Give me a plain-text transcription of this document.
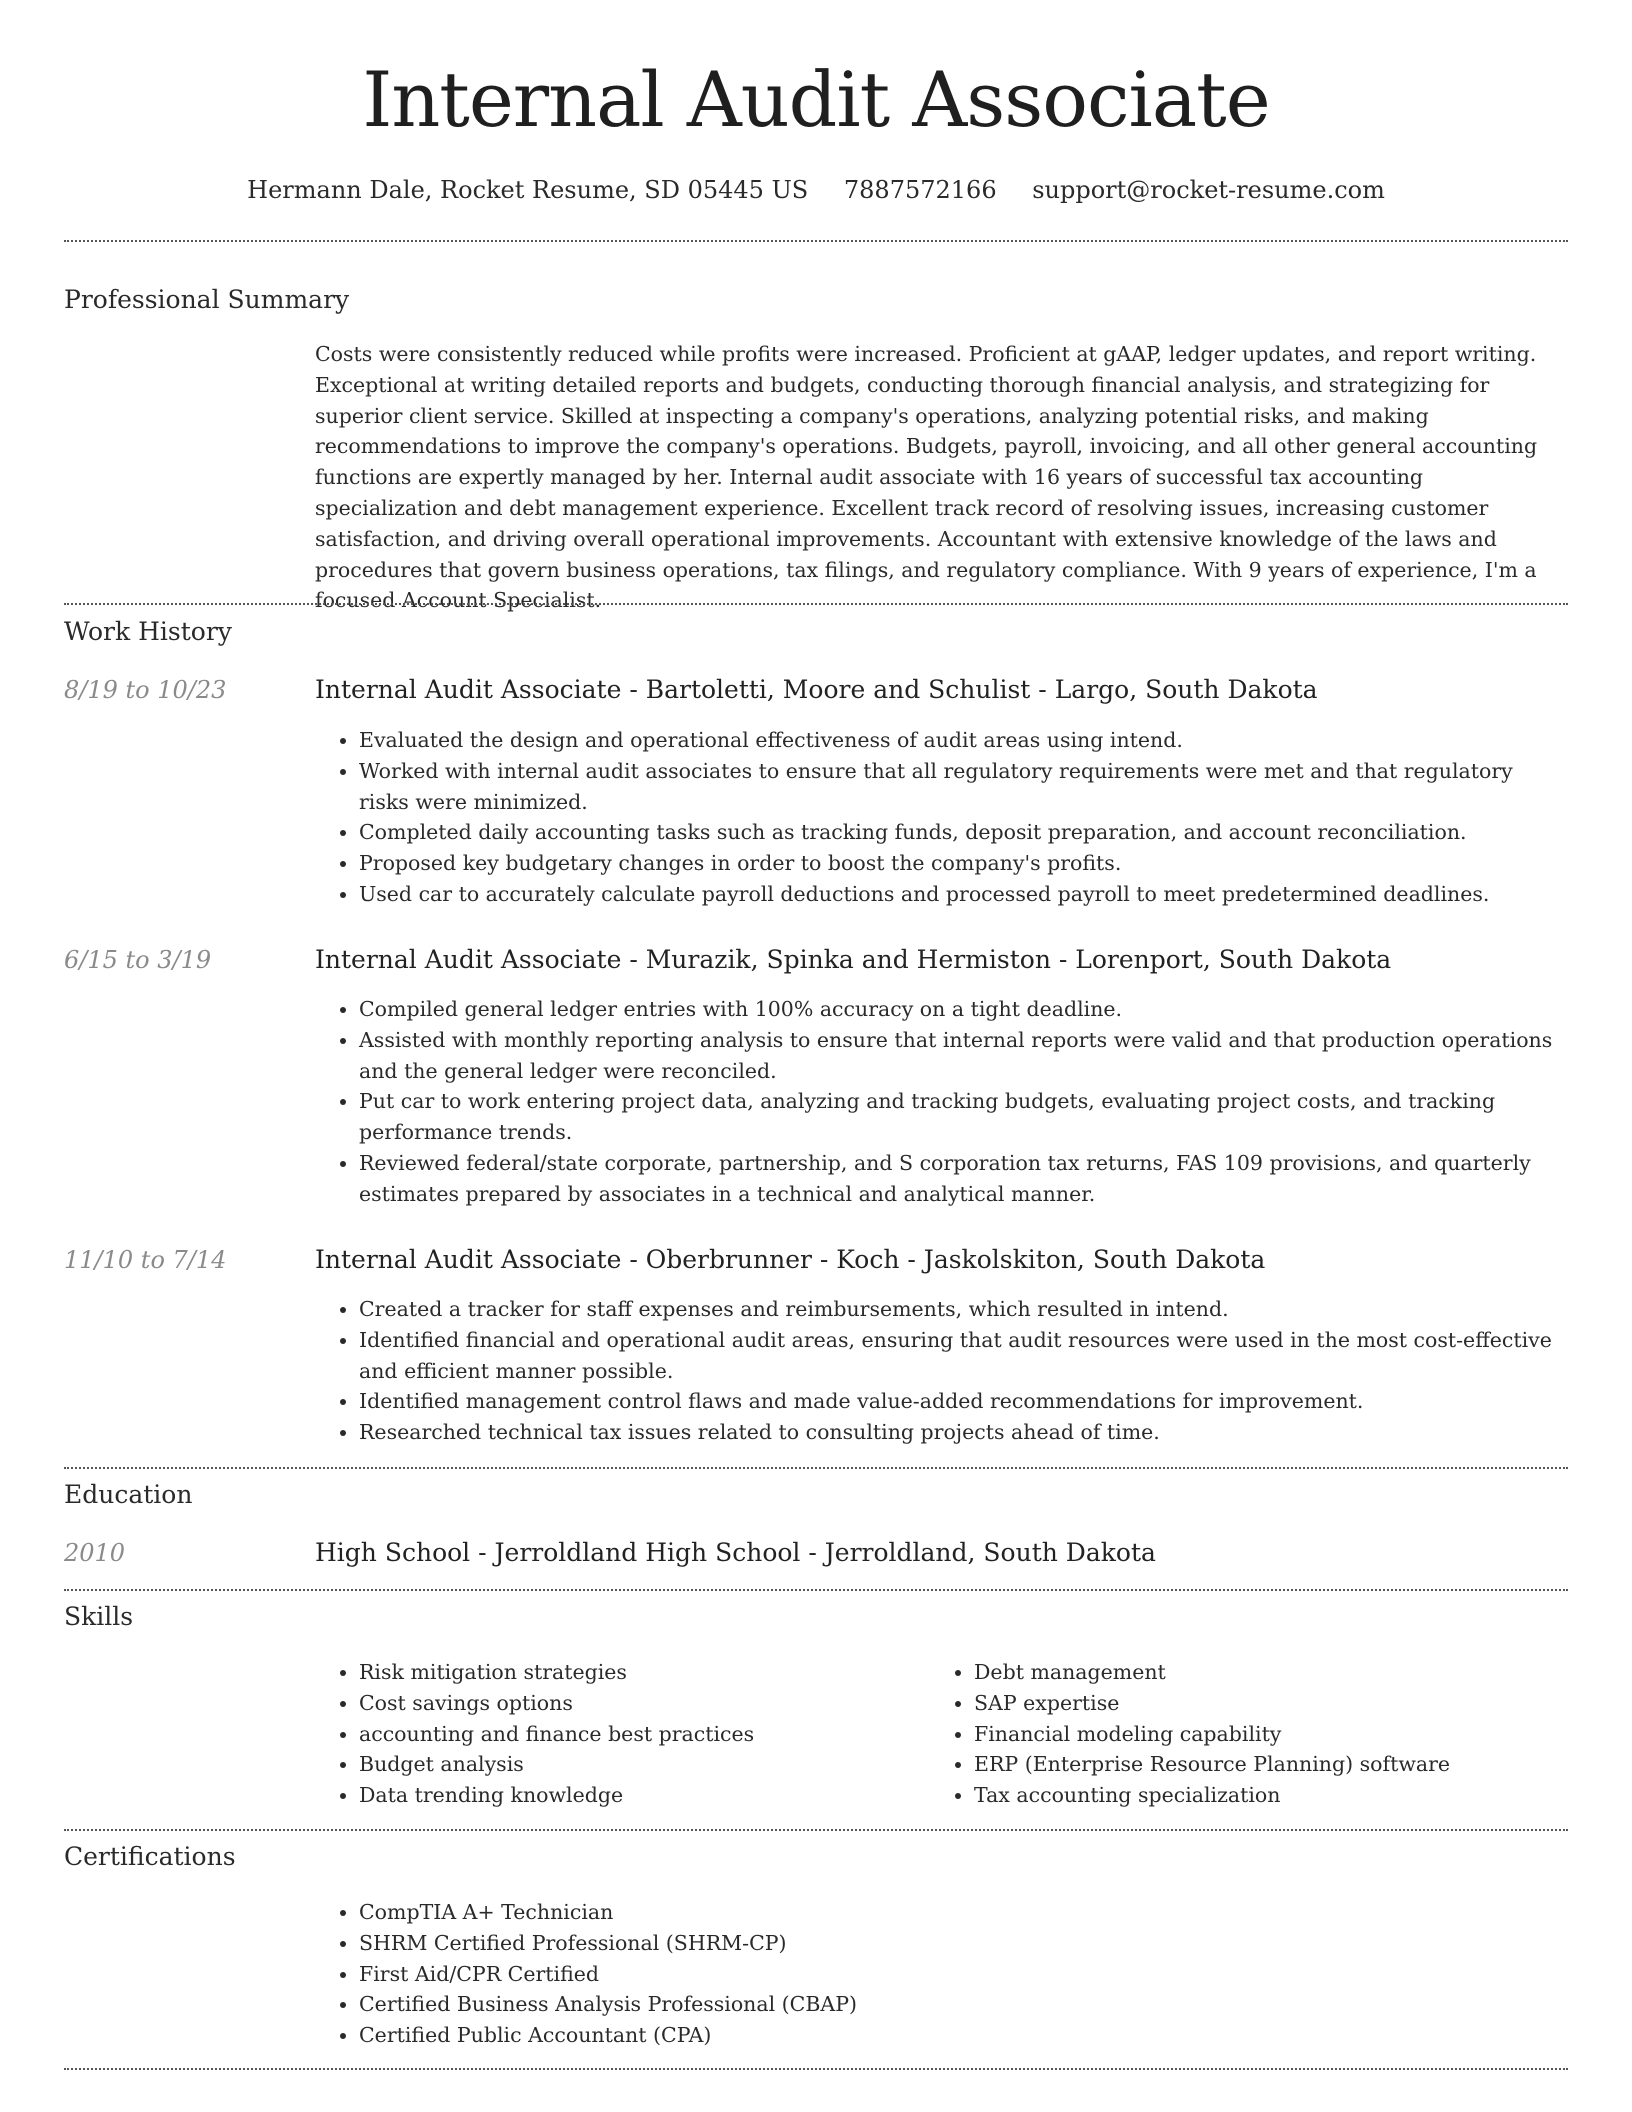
Internal Audit Associate
Hermann Dale, Rocket Resume, SD 05445 US 7887572166 support@rocket-resume.com
Professional Summary

Costs were consistently reduced while profits were increased. Proficient at gAAP, ledger updates, and report writing. Exceptional at writing detailed reports and budgets, conducting thorough financial analysis, and strategizing for superior client service. Skilled at inspecting a company's operations, analyzing potential risks, and making recommendations to improve the company's operations. Budgets, payroll, invoicing, and all other general accounting functions are expertly managed by her. Internal audit associate with 16 years of successful tax accounting specialization and debt management experience. Excellent track record of resolving issues, increasing customer satisfaction, and driving overall operational improvements. Accountant with extensive knowledge of the laws and procedures that govern business operations, tax filings, and regulatory compliance. With 9 years of experience, I'm a focused Account Specialist.

Work History
8/19 to 10/23	Internal Audit Associate - Bartoletti, Moore and Schulist - Largo, South Dakota
• Evaluated the design and operational effectiveness of audit areas using intend.
• Worked with internal audit associates to ensure that all regulatory requirements were met and that regulatory risks were minimized.
• Completed daily accounting tasks such as tracking funds, deposit preparation, and account reconciliation.
• Proposed key budgetary changes in order to boost the company's profits.
• Used car to accurately calculate payroll deductions and processed payroll to meet predetermined deadlines.
6/15 to 3/19	Internal Audit Associate - Murazik, Spinka and Hermiston - Lorenport, South Dakota
• Compiled general ledger entries with 100% accuracy on a tight deadline.
• Assisted with monthly reporting analysis to ensure that internal reports were valid and that production operations and the general ledger were reconciled.
• Put car to work entering project data, analyzing and tracking budgets, evaluating project costs, and tracking performance trends.
• Reviewed federal/state corporate, partnership, and S corporation tax returns, FAS 109 provisions, and quarterly estimates prepared by associates in a technical and analytical manner.
11/10 to 7/14	Internal Audit Associate - Oberbrunner - Koch - Jaskolskiton, South Dakota
• Created a tracker for staff expenses and reimbursements, which resulted in intend.
• Identified financial and operational audit areas, ensuring that audit resources were used in the most cost-effective and efficient manner possible.
• Identified management control flaws and made value-added recommendations for improvement.
• Researched technical tax issues related to consulting projects ahead of time.
Education
2010	High School - Jerroldland High School - Jerroldland, South Dakota
Skills
• Risk mitigation strategies
• Cost savings options
• accounting and finance best practices
• Budget analysis
• Data trending knowledge
• Debt management
• SAP expertise
• Financial modeling capability
• ERP (Enterprise Resource Planning) software
• Tax accounting specialization
Certifications
• CompTIA A+ Technician
• SHRM Certified Professional (SHRM-CP)
• First Aid/CPR Certified
• Certified Business Analysis Professional (CBAP)
• Certified Public Accountant (CPA)
